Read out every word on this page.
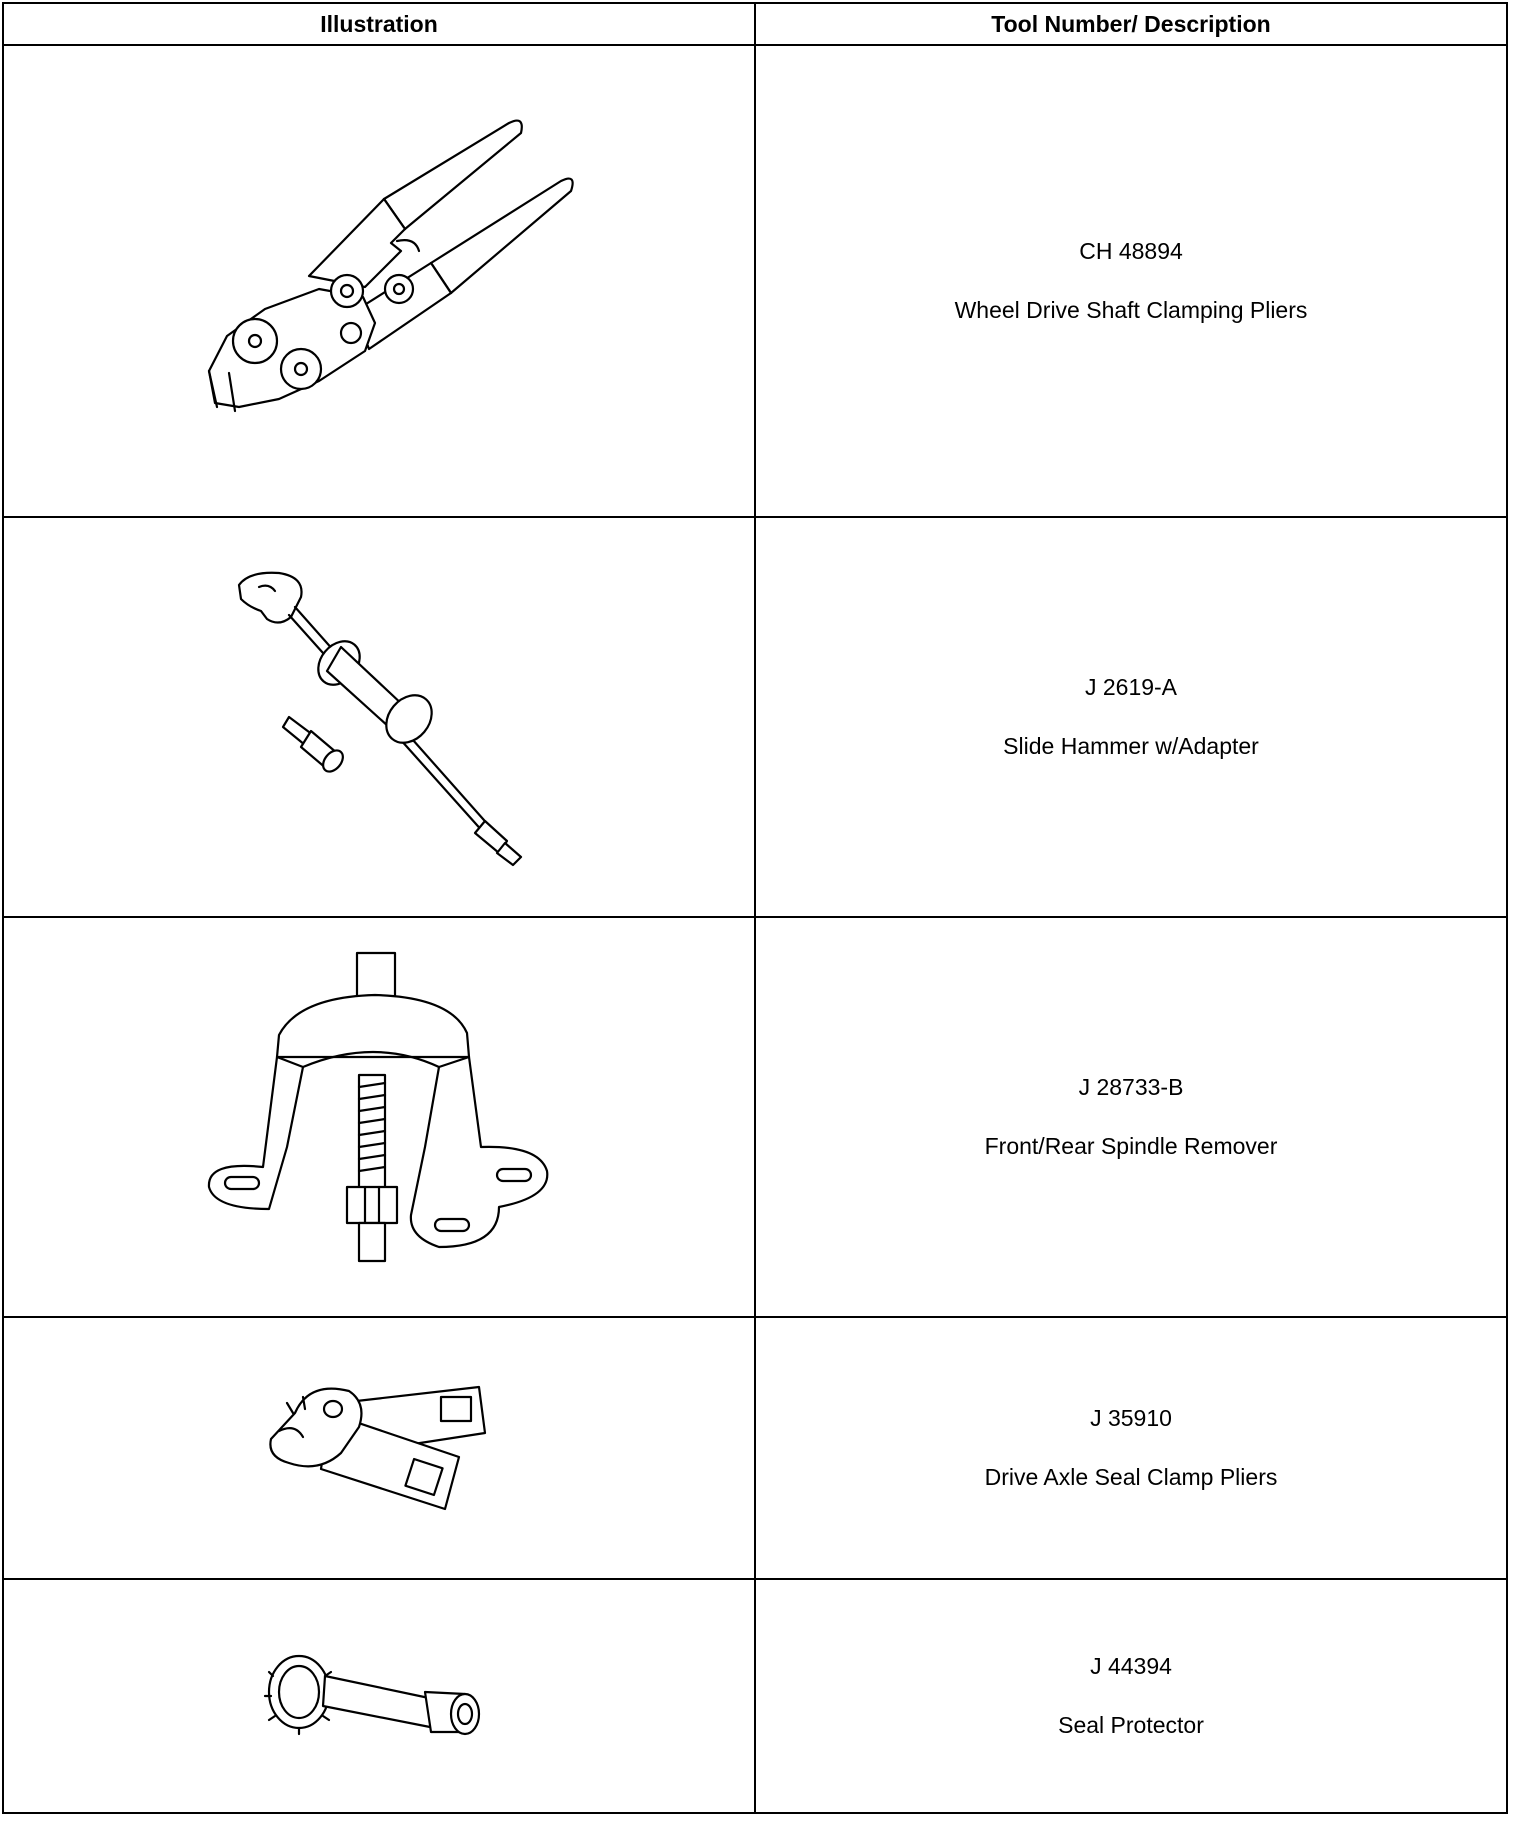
Illustration	Tool Number/ Description

CH 48894
Wheel Drive Shaft Clamping Pliers

J 2619-A
Slide Hammer w/Adapter

J 28733-B
Front/Rear Spindle Remover

J 35910
Drive Axle Seal Clamp Pliers

J 44394
Seal Protector
